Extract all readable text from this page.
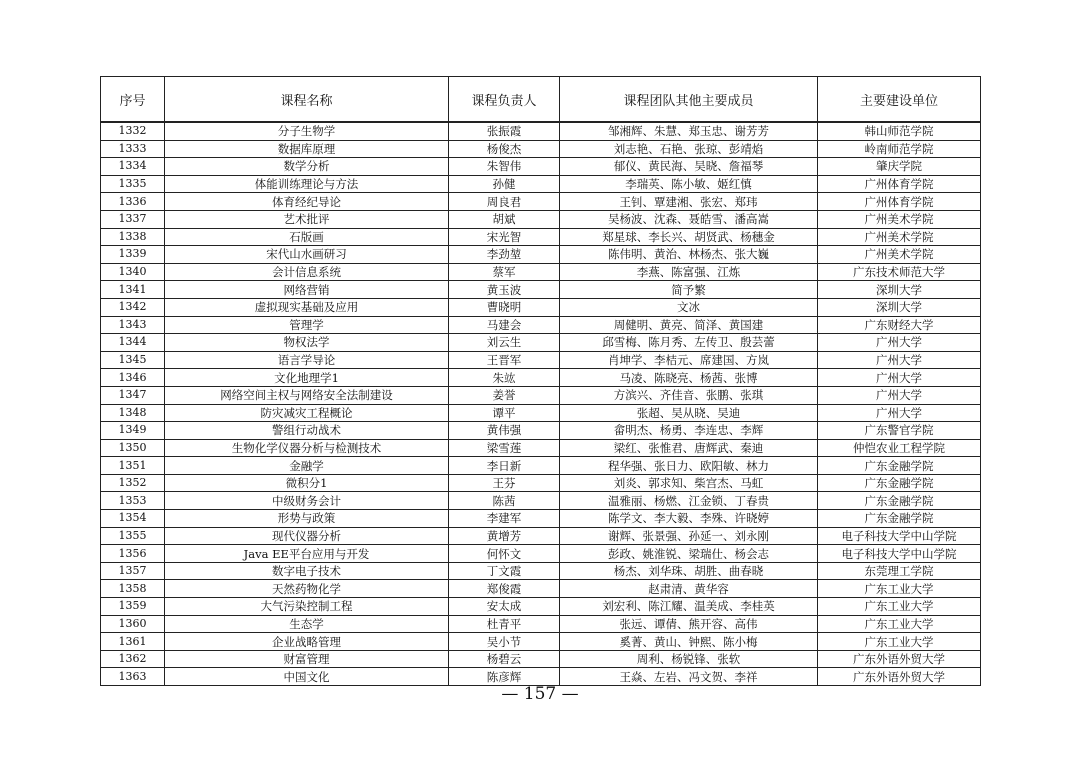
序号	课程名称	课程负责人	课程团队其他主要成员	主要建设单位
1332	分子生物学	张振霞	邹湘辉、朱慧、郑玉忠、谢芳芳	韩山师范学院
1333	数据库原理	杨俊杰	刘志艳、石艳、张琼、彭靖焰	岭南师范学院
1334	数学分析	朱智伟	郁仪、黄民海、吴晓、詹福琴	肇庆学院
1335	体能训练理论与方法	孙健	李瑞英、陈小敏、姬红慎	广州体育学院
1336	体育经纪导论	周良君	王钊、覃建湘、张宏、郑玮	广州体育学院
1337	艺术批评	胡斌	吴杨波、沈森、聂皓雪、潘高嵩	广州美术学院
1338	石版画	宋光智	郑星球、李长兴、胡贤武、杨穗金	广州美术学院
1339	宋代山水画研习	李劲堃	陈伟明、黄治、林杨杰、张大巍	广州美术学院
1340	会计信息系统	蔡军	李燕、陈富强、江炼	广东技术师范大学
1341	网络营销	黄玉波	简予繁	深圳大学
1342	虚拟现实基础及应用	曹晓明	文冰	深圳大学
1343	管理学	马建会	周健明、黄亮、简泽、黄国建	广东财经大学
1344	物权法学	刘云生	邱雪梅、陈月秀、左传卫、殷芸蕾	广州大学
1345	语言学导论	王晋军	肖坤学、李桔元、席建国、方岚	广州大学
1346	文化地理学1	朱竑	马凌、陈晓亮、杨茜、张博	广州大学
1347	网络空间主权与网络安全法制建设	姜誉	方滨兴、齐佳音、张鹏、张琪	广州大学
1348	防灾减灾工程概论	谭平	张超、吴从晓、吴迪	广州大学
1349	警组行动战术	黄伟强	畲明杰、杨勇、李连忠、李辉	广东警官学院
1350	生物化学仪器分析与检测技术	梁雪莲	梁红、张惟君、唐辉武、秦迪	仲恺农业工程学院
1351	金融学	李日新	程华强、张日力、欧阳敏、林力	广东金融学院
1352	微积分1	王芬	刘炎、郭求知、柴宫杰、马虹	广东金融学院
1353	中级财务会计	陈茜	温雅丽、杨燃、江金锁、丁春贵	广东金融学院
1354	形势与政策	李建军	陈学文、李大毅、李殊、许晓婷	广东金融学院
1355	现代仪器分析	黄增芳	谢辉、张景强、孙延一、刘永刚	电子科技大学中山学院
1356	Java EE平台应用与开发	何怀文	彭政、姚淮锐、梁瑞仕、杨会志	电子科技大学中山学院
1357	数字电子技术	丁文霞	杨杰、刘华珠、胡胜、曲春晓	东莞理工学院
1358	天然药物化学	郑俊霞	赵肃清、黄华容	广东工业大学
1359	大气污染控制工程	安太成	刘宏利、陈江耀、温美成、李桂英	广东工业大学
1360	生态学	杜青平	张远、谭倩、熊开容、高伟	广东工业大学
1361	企业战略管理	吴小节	奚菁、黄山、钟熙、陈小梅	广东工业大学
1362	财富管理	杨碧云	周利、杨锐锋、张软	广东外语外贸大学
1363	中国文化	陈彦辉	王焱、左岩、冯文贺、李祥	广东外语外贸大学
— 157 —
